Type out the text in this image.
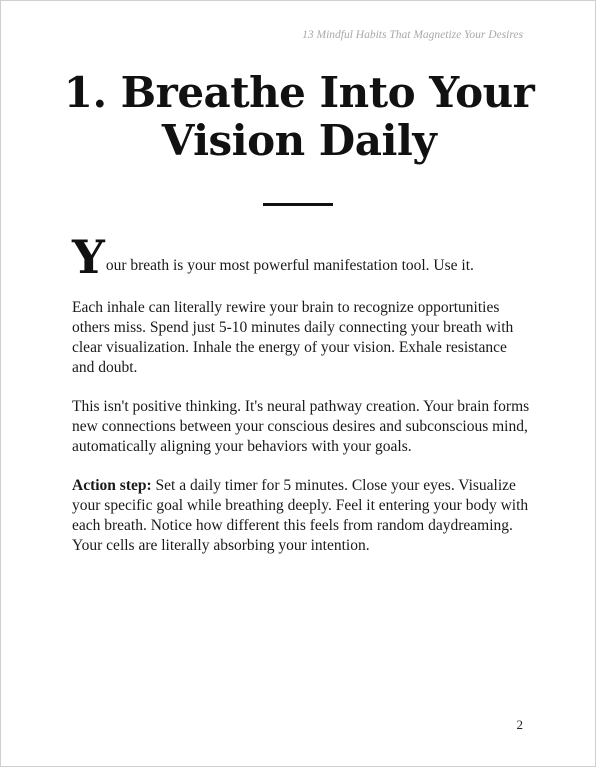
13 Mindful Habits That Magnetize Your Desires
1. Breathe Into Your
Vision Daily

Y our breath is your most powerful manifestation tool. Use it.

Each inhale can literally rewire your brain to recognize opportunities others miss. Spend just 5-10 minutes daily connecting your breath with clear visualization. Inhale the energy of your vision. Exhale resistance and doubt.

This isn't positive thinking. It's neural pathway creation. Your brain forms new connections between your conscious desires and subconscious mind, automatically aligning your behaviors with your goals.

Action step: Set a daily timer for 5 minutes. Close your eyes. Visualize your specific goal while breathing deeply. Feel it entering your body with each breath. Notice how different this feels from random daydreaming. Your cells are literally absorbing your intention.

2
